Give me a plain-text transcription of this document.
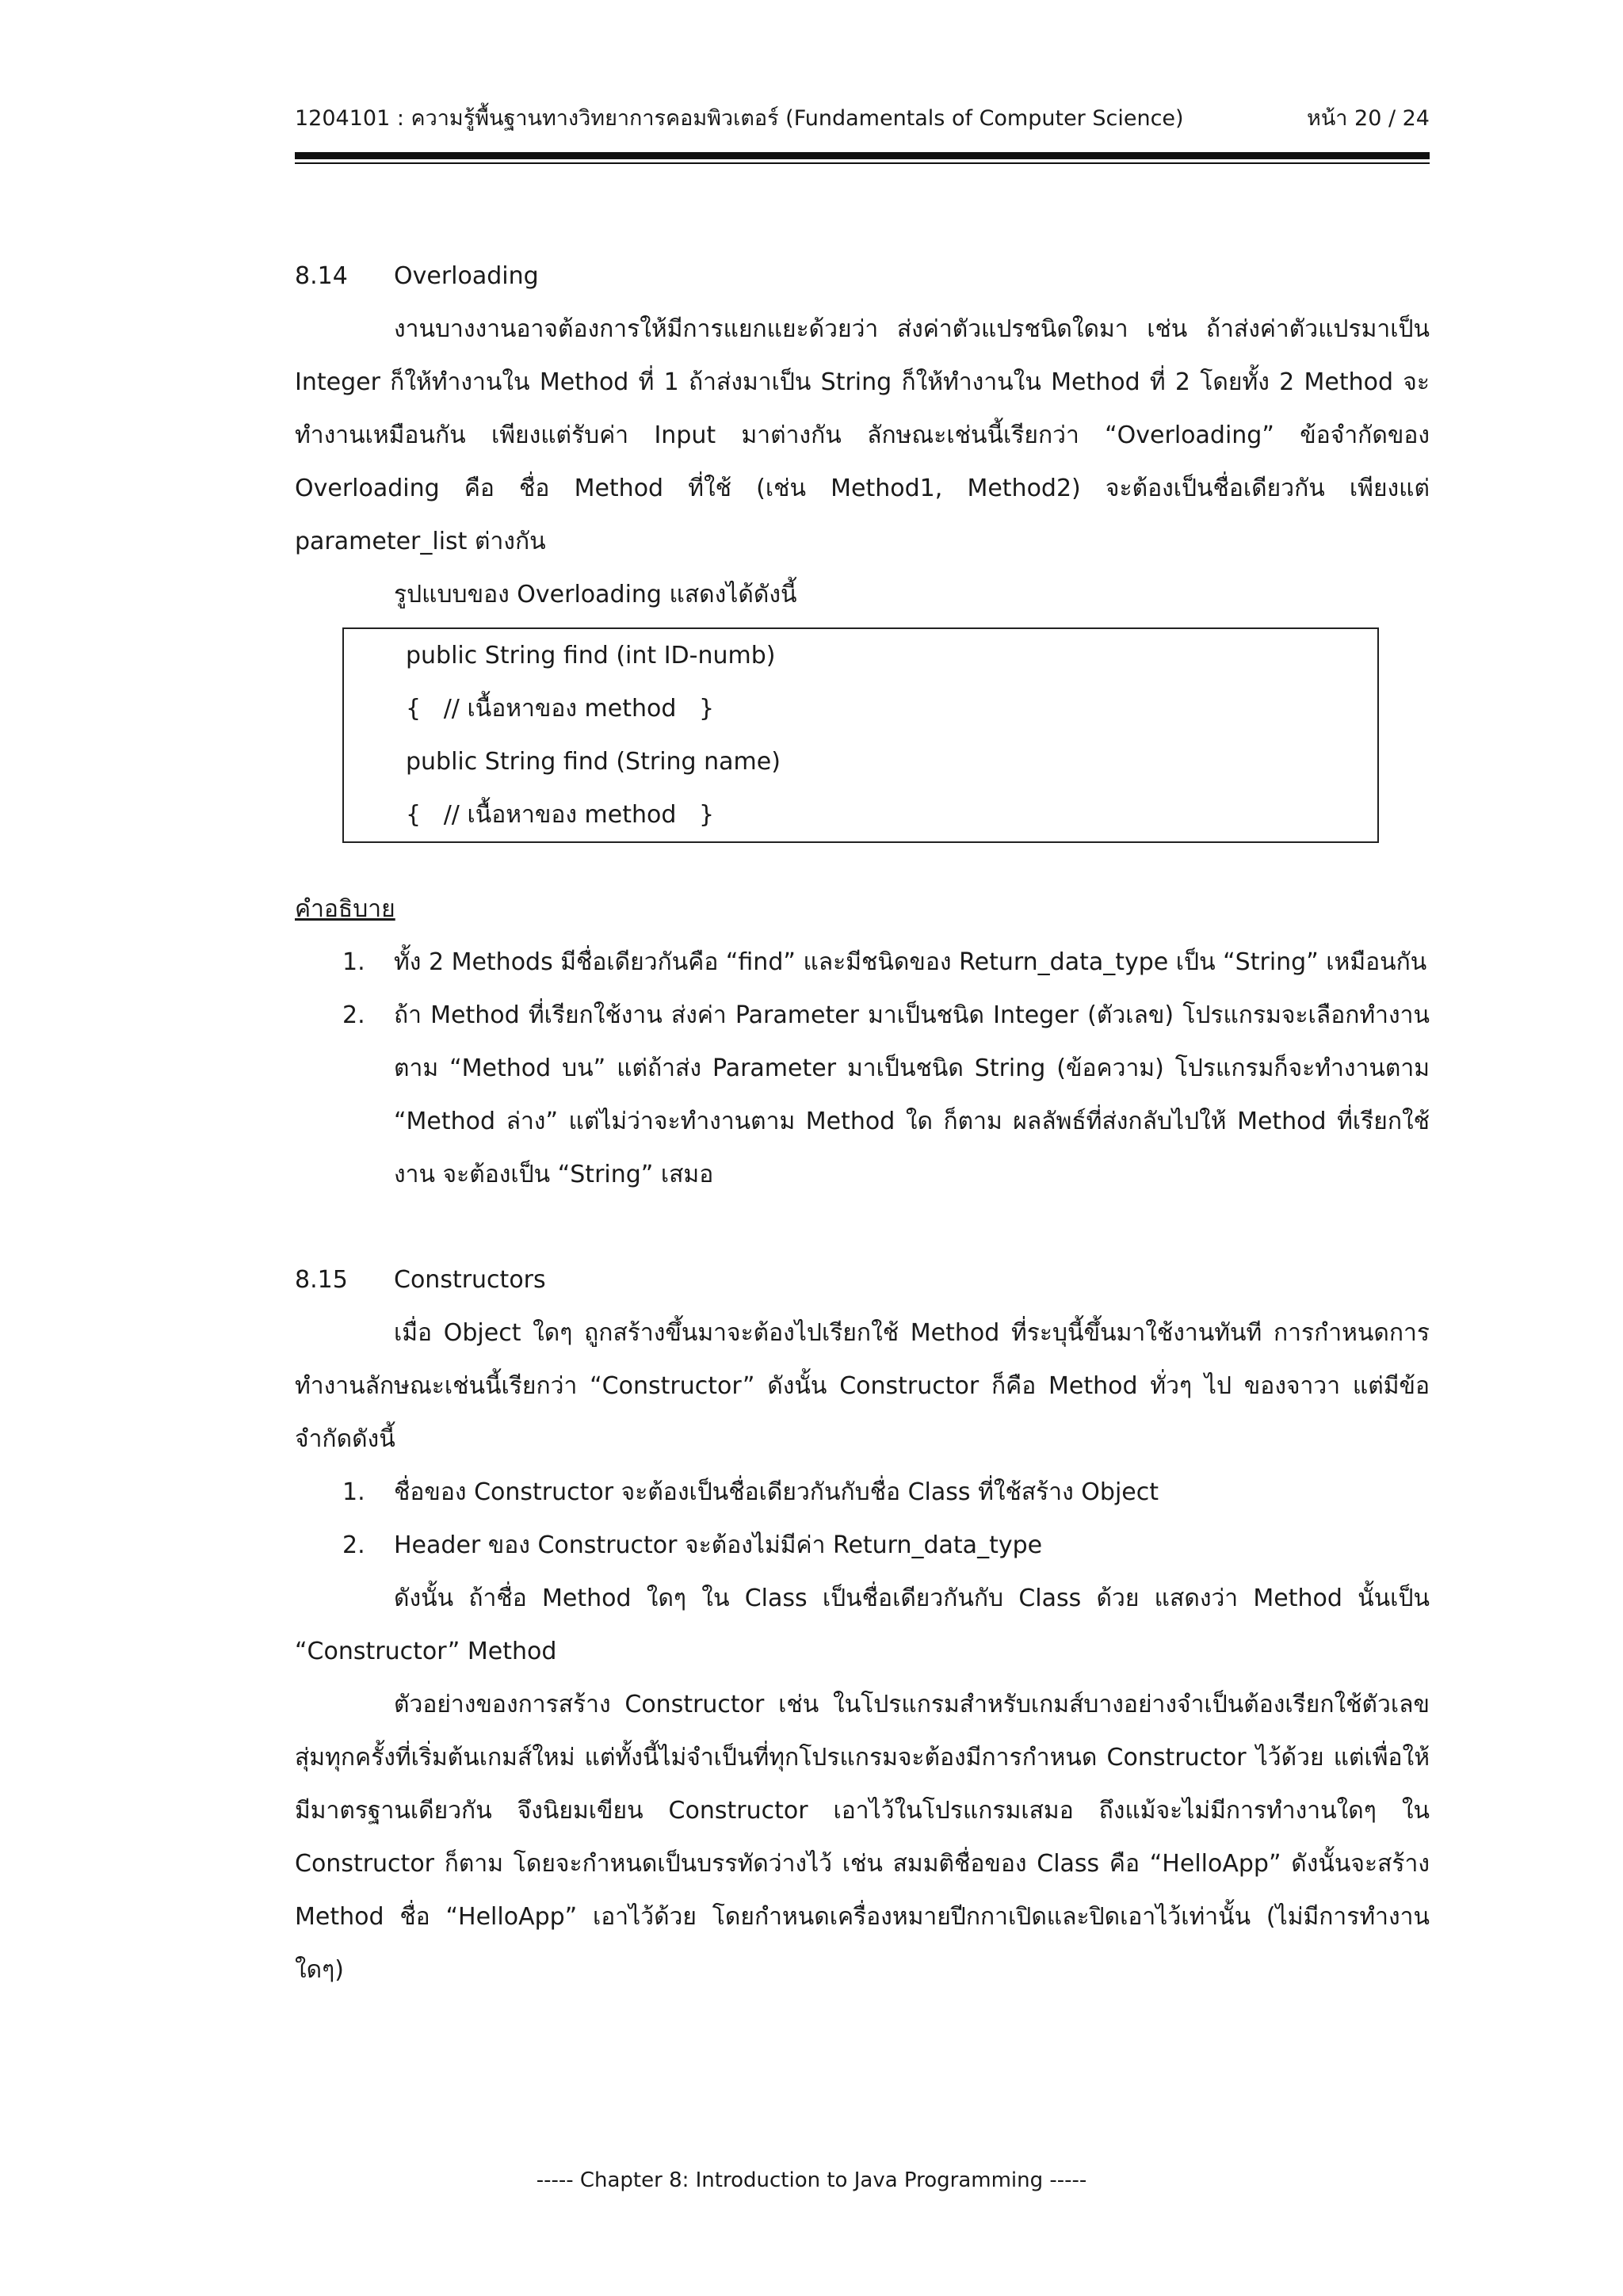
1204101 : ความรู้พื้นฐานทางวิทยาการคอมพิวเตอร์ (Fundamentals of Computer Science)	หน้า 20 / 24
8.14	Overloading

งานบางงานอาจต้องการให้มีการแยกแยะด้วยว่า ส่งค่าตัวแปรชนิดใดมา เช่น ถ้าส่งค่าตัวแปรมาเป็น Integer ก็ให้ทำงานใน Method ที่ 1 ถ้าส่งมาเป็น String ก็ให้ทำงานใน Method ที่ 2 โดยทั้ง 2 Method จะทำงานเหมือนกัน เพียงแต่รับค่า Input มาต่างกัน ลักษณะเช่นนี้เรียกว่า “Overloading” ข้อจำกัดของ Overloading คือ ชื่อ Method ที่ใช้ (เช่น Method1, Method2) จะต้องเป็นชื่อเดียวกัน เพียงแต่ parameter_list ต่างกัน

รูปแบบของ Overloading แสดงได้ดังนี้

public String find (int ID-numb)
{   // เนื้อหาของ method   }
public String find (String name)
{   // เนื้อหาของ method   }

คำอธิบาย

1. ทั้ง 2 Methods มีชื่อเดียวกันคือ “find” และมีชนิดของ Return_data_type เป็น “String” เหมือนกัน
2. ถ้า Method ที่เรียกใช้งาน ส่งค่า Parameter มาเป็นชนิด Integer (ตัวเลข) โปรแกรมจะเลือกทำงานตาม “Method บน” แต่ถ้าส่ง Parameter มาเป็นชนิด String (ข้อความ) โปรแกรมก็จะทำงานตาม “Method ล่าง” แต่ไม่ว่าจะทำงานตาม Method ใด ก็ตาม ผลลัพธ์ที่ส่งกลับไปให้ Method ที่เรียกใช้งาน จะต้องเป็น “String” เสมอ
8.15	Constructors

เมื่อ Object ใดๆ ถูกสร้างขึ้นมาจะต้องไปเรียกใช้ Method ที่ระบุนี้ขึ้นมาใช้งานทันที การกำหนดการทำงานลักษณะเช่นนี้เรียกว่า “Constructor” ดังนั้น Constructor ก็คือ Method ทั่วๆ ไป ของจาวา แต่มีข้อจำกัดดังนี้

1. ชื่อของ Constructor จะต้องเป็นชื่อเดียวกันกับชื่อ Class ที่ใช้สร้าง Object
2. Header ของ Constructor จะต้องไม่มีค่า Return_data_type

ดังนั้น ถ้าชื่อ Method ใดๆ ใน Class เป็นชื่อเดียวกันกับ Class ด้วย แสดงว่า Method นั้นเป็น “Constructor” Method

ตัวอย่างของการสร้าง Constructor เช่น ในโปรแกรมสำหรับเกมส์บางอย่างจำเป็นต้องเรียกใช้ตัวเลขสุ่มทุกครั้งที่เริ่มต้นเกมส์ใหม่ แต่ทั้งนี้ไม่จำเป็นที่ทุกโปรแกรมจะต้องมีการกำหนด Constructor ไว้ด้วย แต่เพื่อให้มีมาตรฐานเดียวกัน จึงนิยมเขียน Constructor เอาไว้ในโปรแกรมเสมอ ถึงแม้จะไม่มีการทำงานใดๆ ใน Constructor ก็ตาม โดยจะกำหนดเป็นบรรทัดว่างไว้ เช่น สมมติชื่อของ Class คือ “HelloApp” ดังนั้นจะสร้าง Method ชื่อ “HelloApp” เอาไว้ด้วย โดยกำหนดเครื่องหมายปีกกาเปิดและปิดเอาไว้เท่านั้น (ไม่มีการทำงานใดๆ)

----- Chapter 8: Introduction to Java Programming -----
